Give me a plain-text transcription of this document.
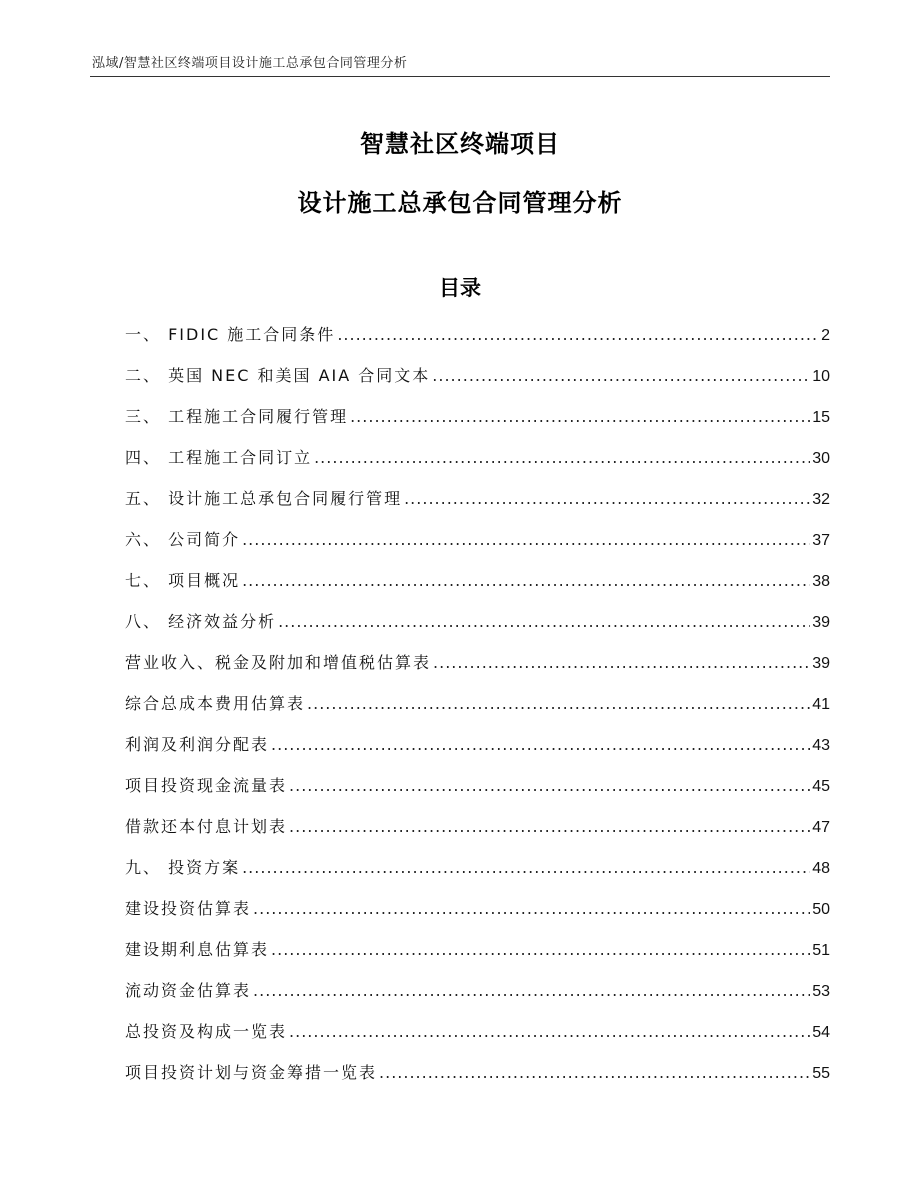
泓域/智慧社区终端项目设计施工总承包合同管理分析
智慧社区终端项目
设计施工总承包合同管理分析
目录
一、 FIDIC 施工合同条件 .....	2
二、 英国 NEC 和美国 AIA 合同文本 .....	10
三、 工程施工合同履行管理 .....	15
四、 工程施工合同订立 .....	30
五、 设计施工总承包合同履行管理 .....	32
六、 公司简介 .....	37
七、 项目概况 .....	38
八、 经济效益分析 .....	39
营业收入、税金及附加和增值税估算表 .....	39
综合总成本费用估算表 .....	41
利润及利润分配表 .....	43
项目投资现金流量表 .....	45
借款还本付息计划表 .....	47
九、 投资方案 .....	48
建设投资估算表 .....	50
建设期利息估算表 .....	51
流动资金估算表 .....	53
总投资及构成一览表 .....	54
项目投资计划与资金筹措一览表 .....	55
